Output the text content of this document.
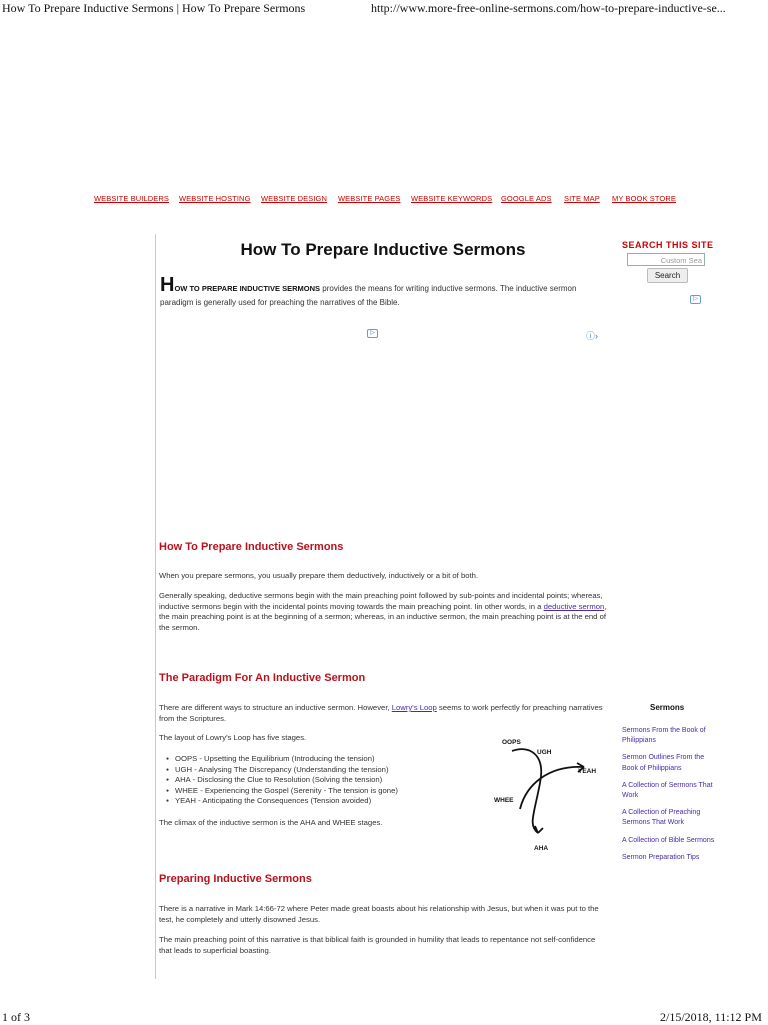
How To Prepare Inductive Sermons | How To Prepare Sermons	http://www.more-free-online-sermons.com/how-to-prepare-inductive-se...
1 of 3	2/15/2018, 11:12 PM
WEBSITE BUILDERS WEBSITE HOSTING WEBSITE DESIGN WEBSITE PAGES WEBSITE KEYWORDS GOOGLE ADS SITE MAP MY BOOK STORE
How To Prepare Inductive Sermons
HOW TO PREPARE INDUCTIVE SERMONS provides the means for writing inductive sermons. The inductive sermon paradigm is generally used for preaching the narratives of the Bible.
▷	ⓘ›
How To Prepare Inductive Sermons
When you prepare sermons, you usually prepare them deductively, inductively or a bit of both.
Generally speaking, deductive sermons begin with the main preaching point followed by sub-points and incidental points; whereas, inductive sermons begin with the incidental points moving towards the main preaching point. Iin other words, in a deductive sermon, the main preaching point is at the beginning of a sermon; whereas, in an inductive sermon, the main preaching point is at the end of the sermon.
The Paradigm For An Inductive Sermon
There are different ways to structure an inductive sermon. However, Lowry's Loop seems to work perfectly for preaching narratives from the Scriptures.
The layout of Lowry's Loop has five stages.
● OOPS - Upsetting the Equilibrium (Introducing the tension)
● UGH - Analysing The Discrepancy (Understanding the tension)
● AHA - Disclosing the Clue to Resolution (Solving the tension)
● WHEE - Experiencing the Gospel (Serenity - The tension is gone)
● YEAH - Anticipating the Consequences (Tension avoided)
The climax of the inductive sermon is the AHA and WHEE stages.
OOPS
UGH
YEAH
WHEE
AHA
Preparing Inductive Sermons
There is a narrative in Mark 14:66-72 where Peter made great boasts about his relationship with Jesus, but when it was put to the test, he completely and utterly disowned Jesus.
The main preaching point of this narrative is that biblical faith is grounded in humility that leads to repentance not self-confidence that leads to superficial boasting.
SEARCH THIS SITE
Custom Sea
Search
▷
Sermons
Sermons From the Book of Philippians
Sermon Outlines From the Book of Philippians
A Collection of Sermons That Work
A Collection of Preaching Sermons That Work
A Collection of Bible Sermons
Sermon Preparation Tips
